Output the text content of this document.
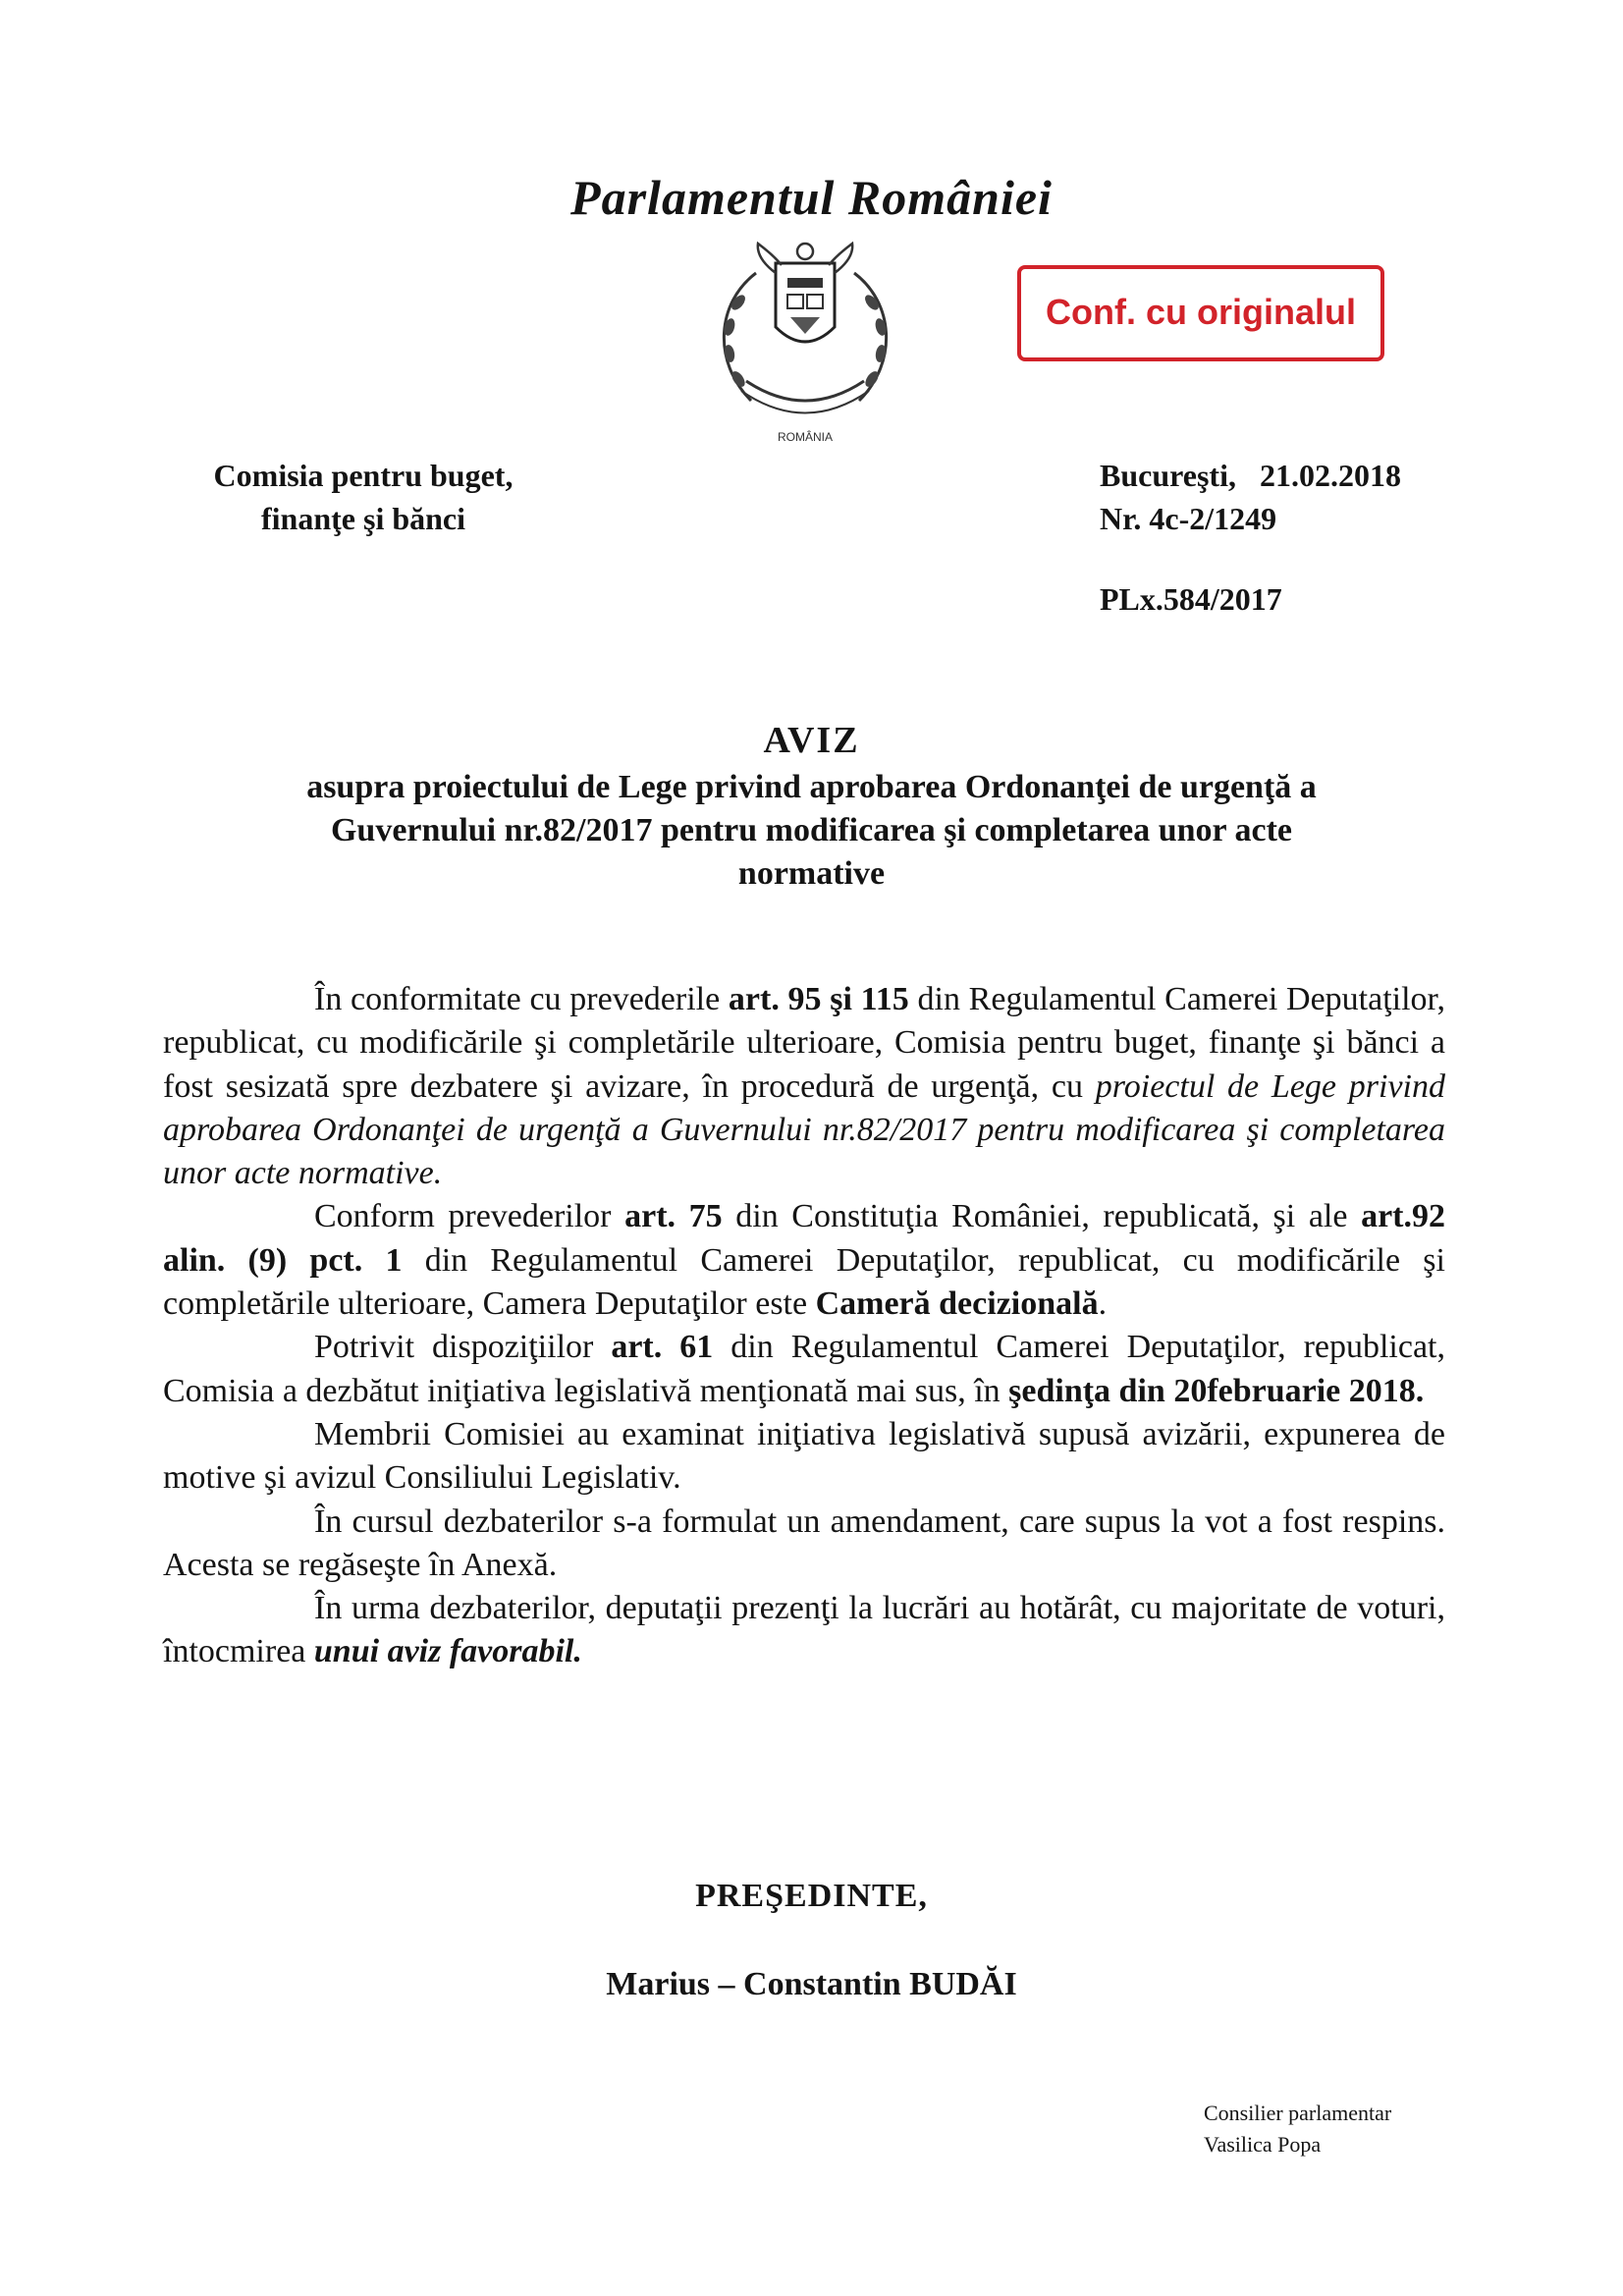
Parlamentul României
ROMÂNIA
Conf. cu originalul
Comisia pentru buget,
finanţe şi bănci
Bucureşti,   21.02.2018
Nr. 4c-2/1249
PLx.584/2017
AVIZ
asupra proiectului de Lege privind aprobarea Ordonanţei de urgenţă a Guvernului nr.82/2017 pentru modificarea şi completarea unor acte normative

În conformitate cu prevederile art. 95 şi 115 din Regulamentul Camerei Deputaţilor, republicat, cu modificările şi completările ulterioare, Comisia pentru buget, finanţe şi bănci a fost sesizată spre dezbatere şi avizare, în procedură de urgenţă, cu proiectul de Lege privind aprobarea Ordonanţei de urgenţă a Guvernului nr.82/2017 pentru modificarea şi completarea unor acte normative.

Conform prevederilor art. 75 din Constituţia României, republicată, şi ale art.92 alin. (9) pct. 1 din Regulamentul Camerei Deputaţilor, republicat, cu modificările şi completările ulterioare, Camera Deputaţilor este Cameră decizională.

Potrivit dispoziţiilor art. 61 din Regulamentul Camerei Deputaţilor, republicat, Comisia a dezbătut iniţiativa legislativă menţionată mai sus, în şedinţa din 20februarie 2018.

Membrii Comisiei au examinat iniţiativa legislativă supusă avizării, expunerea de motive şi avizul Consiliului Legislativ.

În cursul dezbaterilor s-a formulat un amendament, care supus la vot a fost respins. Acesta se regăseşte în Anexă.

În urma dezbaterilor, deputaţii prezenţi la lucrări au hotărât, cu majoritate de voturi, întocmirea unui aviz favorabil.

PREŞEDINTE,
Marius – Constantin BUDĂI
Consilier parlamentar
Vasilica Popa
